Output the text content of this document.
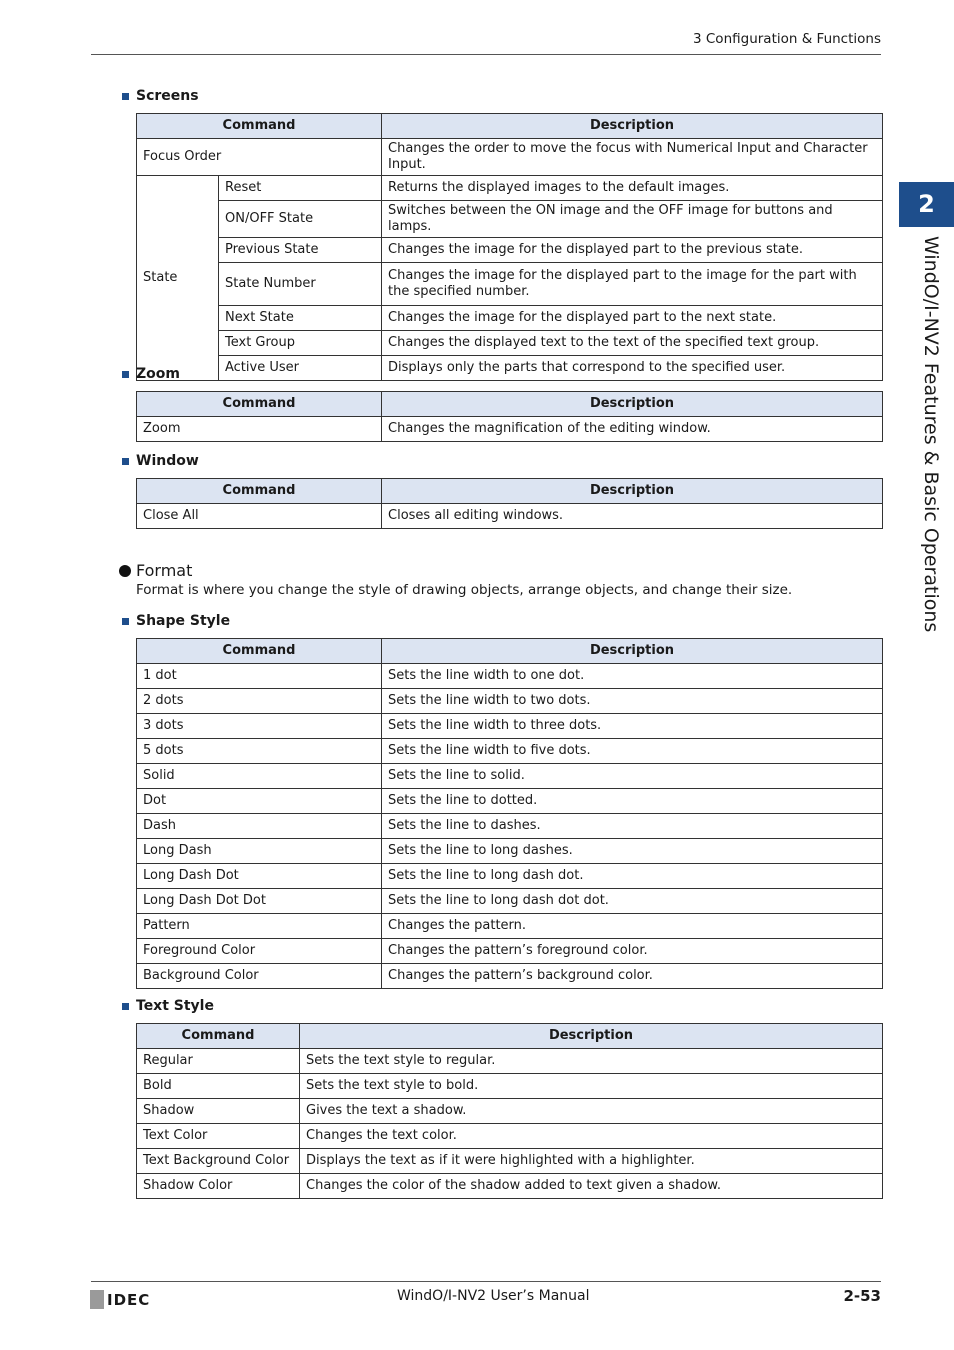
3 Configuration & Functions
2
WindO/I-NV2 Features & Basic Operations
Screens
Command		Description
Focus Order		Changes the order to move the focus with Numerical Input and Character Input.
State	Reset	Returns the displayed images to the default images.
	ON/OFF State	Switches between the ON image and the OFF image for buttons and lamps.
	Previous State	Changes the image for the displayed part to the previous state.
	State Number	Changes the image for the displayed part to the image for the part with the specified number.
	Next State	Changes the image for the displayed part to the next state.
	Text Group	Changes the displayed text to the text of the specified text group.
	Active User	Displays only the parts that correspond to the specified user.
Zoom
Command	Description
Zoom	Changes the magnification of the editing window.
Window
Command	Description
Close All	Closes all editing windows.
Format
Format is where you change the style of drawing objects, arrange objects, and change their size.
Shape Style
Command	Description
1 dot	Sets the line width to one dot.
2 dots	Sets the line width to two dots.
3 dots	Sets the line width to three dots.
5 dots	Sets the line width to five dots.
Solid	Sets the line to solid.
Dot	Sets the line to dotted.
Dash	Sets the line to dashes.
Long Dash	Sets the line to long dashes.
Long Dash Dot	Sets the line to long dash dot.
Long Dash Dot Dot	Sets the line to long dash dot dot.
Pattern	Changes the pattern.
Foreground Color	Changes the pattern’s foreground color.
Background Color	Changes the pattern’s background color.
Text Style
Command	Description
Regular	Sets the text style to regular.
Bold	Sets the text style to bold.
Shadow	Gives the text a shadow.
Text Color	Changes the text color.
Text Background Color	Displays the text as if it were highlighted with a highlighter.
Shadow Color	Changes the color of the shadow added to text given a shadow.
IDEC	WindO/I-NV2 User’s Manual	2-53
